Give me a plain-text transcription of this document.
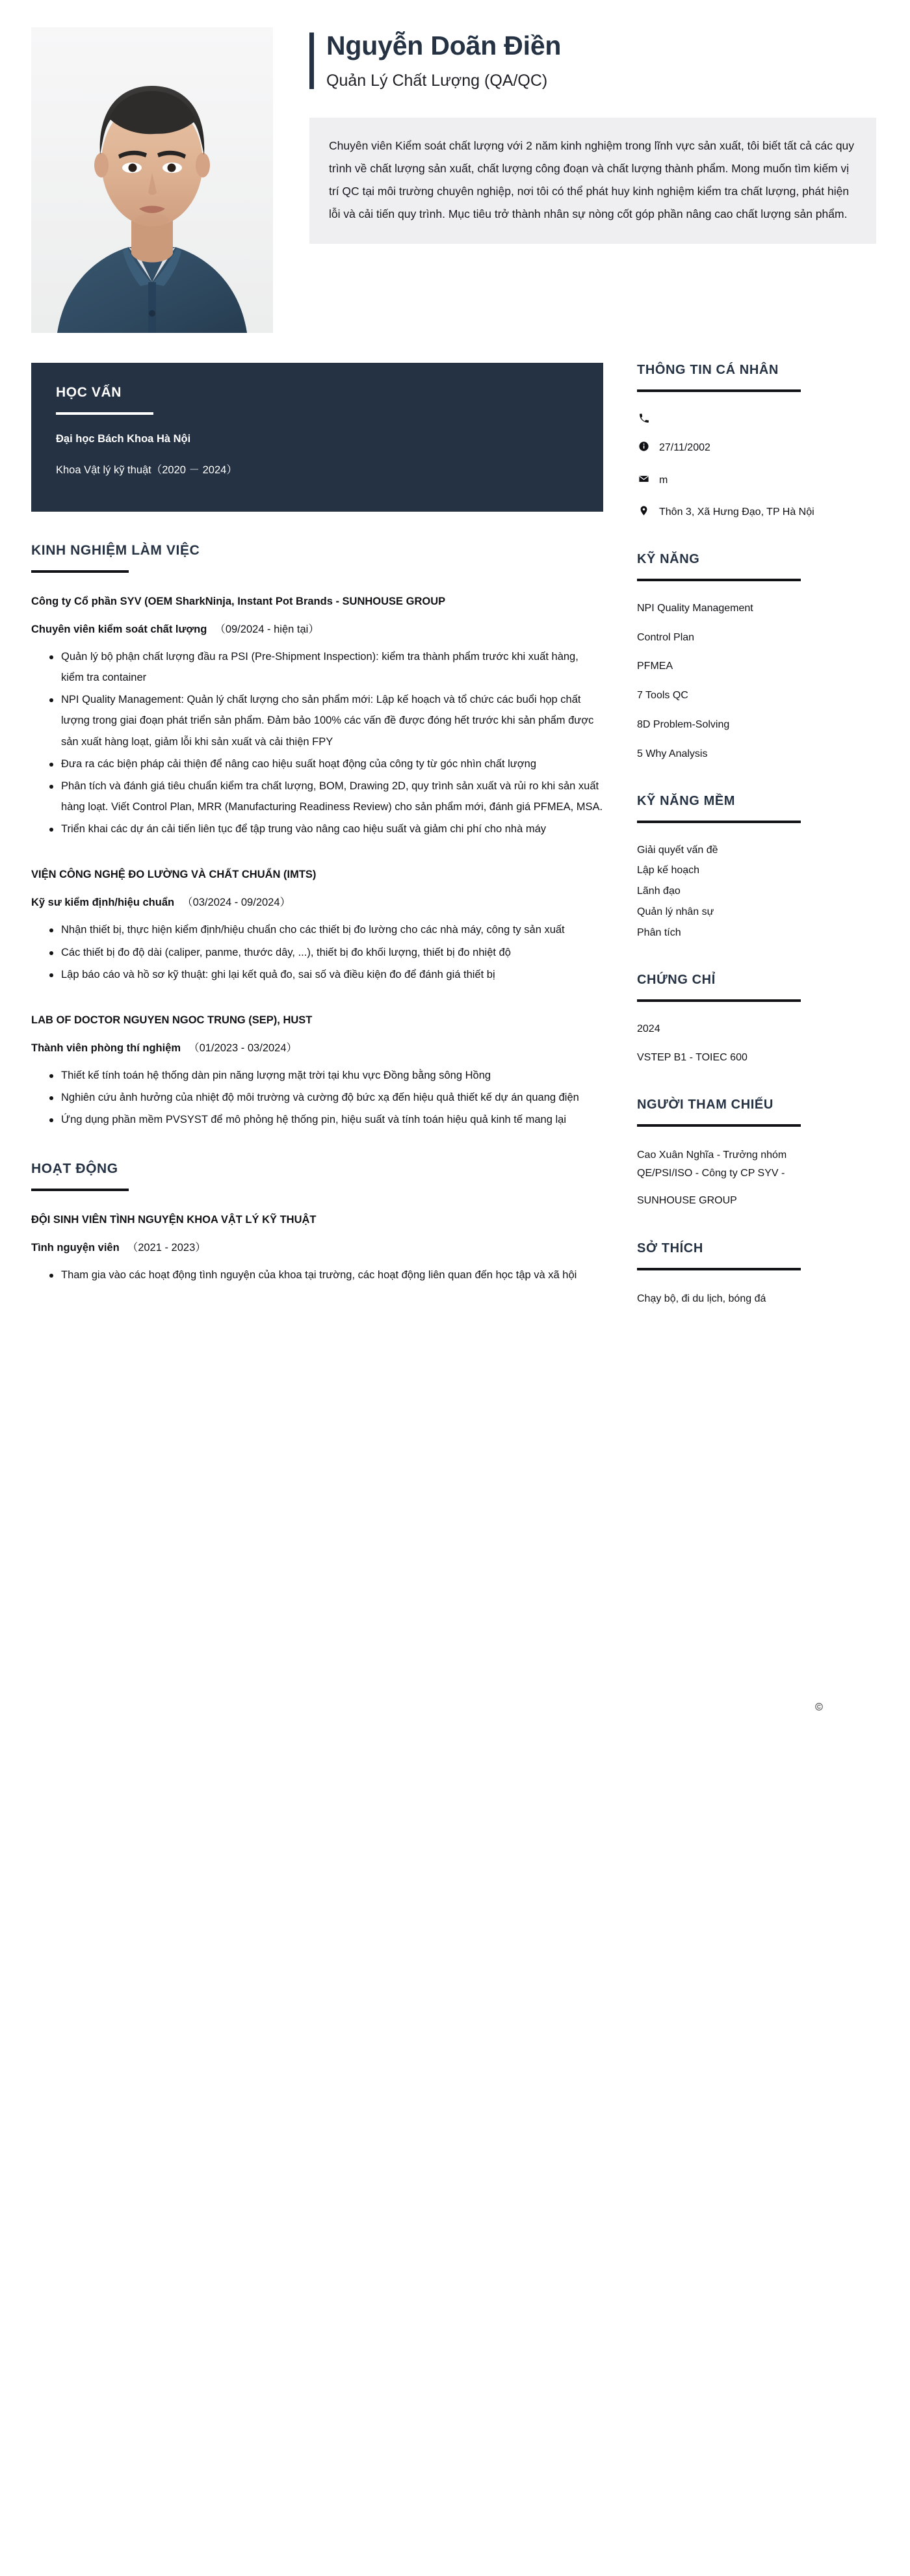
Nguyễn Doãn Điền
Quản Lý Chất Lượng (QA/QC)
Chuyên viên Kiểm soát chất lượng với 2 năm kinh nghiệm trong lĩnh vực sản xuất, tôi biết tất cả các quy trình về chất lượng sản xuất, chất lượng công đoạn và chất lượng thành phẩm. Mong muốn tìm kiếm vị trí QC tại môi trường chuyên nghiệp, nơi tôi có thể phát huy kinh nghiệm kiểm tra chất lượng, phát hiện lỗi và cải tiến quy trình. Mục tiêu trở thành nhân sự nòng cốt góp phần nâng cao chất lượng sản phẩm.
HỌC VẤN
Đại học Bách Khoa Hà Nội
Khoa Vật lý kỹ thuật（2020 － 2024）
KINH NGHIỆM LÀM VIỆC
Công ty Cổ phần SYV (OEM SharkNinja, Instant Pot Brands - SUNHOUSE GROUP
Chuyên viên kiểm soát chất lượng （09/2024 - hiện tại）
Quản lý bộ phận chất lượng đầu ra PSI (Pre-Shipment Inspection): kiểm tra thành phẩm trước khi xuất hàng, kiểm tra container
NPI Quality Management: Quản lý chất lượng cho sản phẩm mới: Lập kế hoạch và tổ chức các buổi họp chất lượng trong giai đoạn phát triển sản phẩm. Đảm bảo 100% các vấn đề được đóng hết trước khi sản phẩm được sản xuất hàng loạt, giảm lỗi khi sản xuất và cải thiện FPY
Đưa ra các biện pháp cải thiện để nâng cao hiệu suất hoạt động của công ty từ góc nhìn chất lượng
Phân tích và đánh giá tiêu chuẩn kiểm tra chất lượng, BOM, Drawing 2D, quy trình sản xuất và rủi ro khi sản xuất hàng loạt. Viết Control Plan, MRR (Manufacturing Readiness Review) cho sản phẩm mới, đánh giá PFMEA, MSA.
Triển khai các dự án cải tiến liên tục để tập trung vào nâng cao hiệu suất và giảm chi phí cho nhà máy
VIỆN CÔNG NGHỆ ĐO LƯỜNG VÀ CHẤT CHUẨN (IMTS)
Kỹ sư kiểm định/hiệu chuẩn （03/2024 - 09/2024）
Nhận thiết bị, thực hiện kiểm định/hiệu chuẩn cho các thiết bị đo lường cho các nhà máy, công ty sản xuất
Các thiết bị đo độ dài (caliper, panme, thước dây, ...), thiết bị đo khối lượng, thiết bị đo nhiệt độ
Lập báo cáo và hồ sơ kỹ thuật: ghi lại kết quả đo, sai số và điều kiện đo để đánh giá thiết bị
LAB OF DOCTOR NGUYEN NGOC TRUNG (SEP), HUST
Thành viên phòng thí nghiệm （01/2023 - 03/2024）
Thiết kế tính toán hệ thống dàn pin năng lượng mặt trời tại khu vực Đồng bằng sông Hồng
Nghiên cứu ảnh hưởng của nhiệt độ môi trường và cường độ bức xạ đến hiệu quả thiết kế dự án quang điện
Ứng dụng phần mềm PVSYST để mô phỏng hệ thống pin, hiệu suất và tính toán hiệu quả kinh tế mang lại
HOẠT ĐỘNG
ĐỘI SINH VIÊN TÌNH NGUYỆN KHOA VẬT LÝ KỸ THUẬT
Tình nguyện viên （2021 - 2023）
Tham gia vào các hoạt động tình nguyện của khoa tại trường, các hoạt động liên quan đến học tập và xã hội
THÔNG TIN CÁ NHÂN
27/11/2002
m
Thôn 3, Xã Hưng Đạo, TP Hà Nội
KỸ NĂNG
NPI Quality Management
Control Plan
PFMEA
7 Tools QC
8D Problem-Solving
5 Why Analysis
KỸ NĂNG MỀM
Giải quyết vấn đề
Lập kế hoạch
Lãnh đạo
Quản lý nhân sự
Phân tích
CHỨNG CHỈ
2024
VSTEP B1 - TOIEC 600
NGƯỜI THAM CHIẾU
Cao Xuân Nghĩa - Trưởng nhóm
QE/PSI/ISO - Công ty CP SYV -
SUNHOUSE GROUP
SỞ THÍCH
Chạy bộ, đi du lịch, bóng đá
